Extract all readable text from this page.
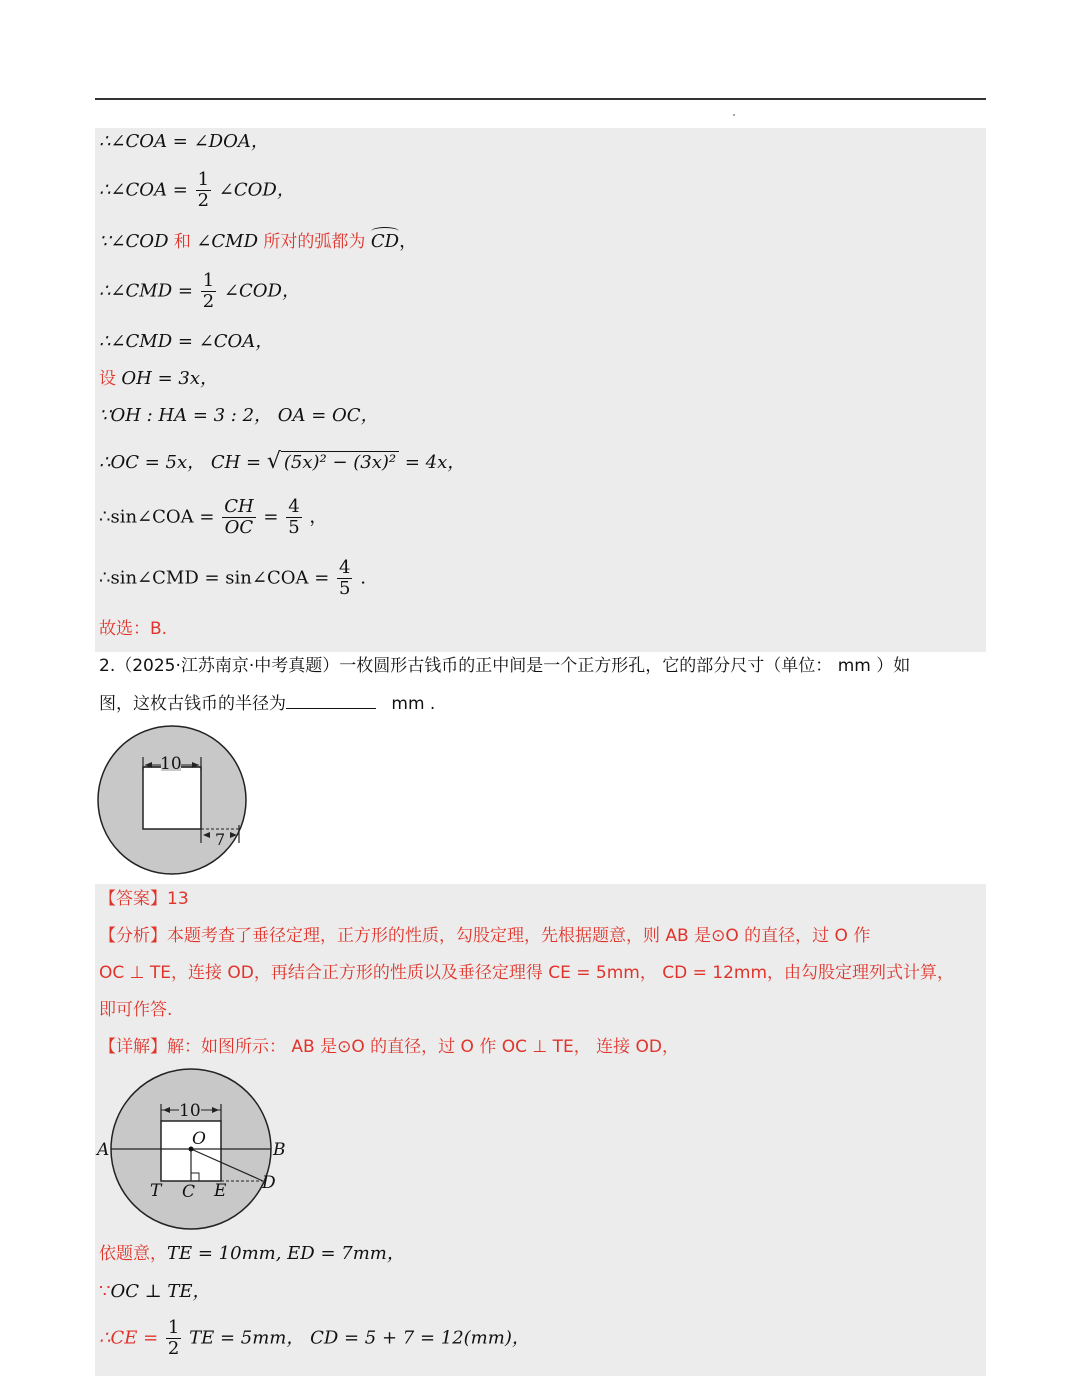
∴∠COA = ∠DOA，
∴∠COA = $\frac{1}{2}$ ∠COD，
∵∠COD 和 ∠CMD 所对的弧都为 CD，
∴∠CMD = $\frac{1}{2}$ ∠COD，
∴∠CMD = ∠COA，
设 OH = 3x，
∵OH : HA = 3 : 2， OA = OC，
∴OC = 5x， CH = √ (5x)² − (3x)² = 4x，
∴sin∠COA = $\frac{CH}{OC} = \frac{4}{5}$ ，
∴sin∠CMD = sin∠COA = $\frac{4}{5}$ .
故选：B.
2.（2025·江苏南京·中考真题）一枚圆形古钱币的正中间是一个正方形孔，它的部分尺寸（单位： mm ）如
图，这枚古钱币的半径为	mm .
10
7
【答案】13
【分析】本题考查了垂径定理，正方形的性质，勾股定理，先根据题意，则 AB 是⊙O 的直径，过 O 作
OC ⊥ TE，连接 OD，再结合正方形的性质以及垂径定理得 CE = 5mm， CD = 12mm，由勾股定理列式计算，
即可作答.
【详解】解：如图所示： AB 是⊙O 的直径，过 O 作 OC ⊥ TE， 连接 OD，
10
O
A	B
T C E D
依题意，TE = 10mm, ED = 7mm，
∵OC ⊥ TE，
∴CE = $\frac{1}{2}$ TE = 5mm， CD = 5 + 7 = 12(mm)，
